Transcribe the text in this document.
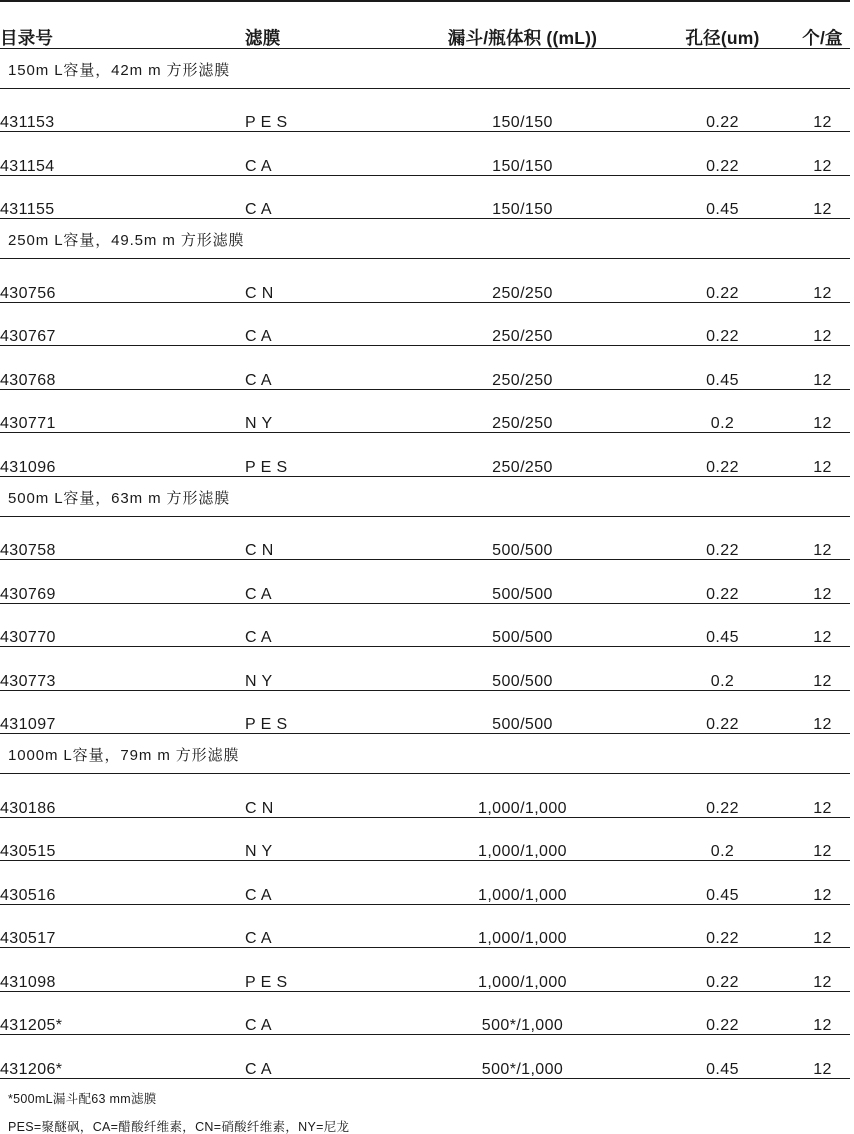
目录号	滤膜	漏斗/瓶体积 ((mL))	孔径(um)	个/盒
150m L容量，42m m 方形滤膜				
431153	P E S	150/150	0.22	12
431154	C A	150/150	0.22	12
431155	C A	150/150	0.45	12
250m L容量，49.5m m 方形滤膜				
430756	C N	250/250	0.22	12
430767	C A	250/250	0.22	12
430768	C A	250/250	0.45	12
430771	N Y	250/250	0.2	12
431096	P E S	250/250	0.22	12
500m L容量，63m m 方形滤膜				
430758	C N	500/500	0.22	12
430769	C A	500/500	0.22	12
430770	C A	500/500	0.45	12
430773	N Y	500/500	0.2	12
431097	P E S	500/500	0.22	12
1000m L容量，79m m 方形滤膜				
430186	C N	1,000/1,000	0.22	12
430515	N Y	1,000/1,000	0.2	12
430516	C A	1,000/1,000	0.45	12
430517	C A	1,000/1,000	0.22	12
431098	P E S	1,000/1,000	0.22	12
431205*	C A	500*/1,000	0.22	12
431206*	C A	500*/1,000	0.45	12
*500mL漏斗配63 mm滤膜
PES=聚醚砜，CA=醋酸纤维素，CN=硝酸纤维素，NY=尼龙
